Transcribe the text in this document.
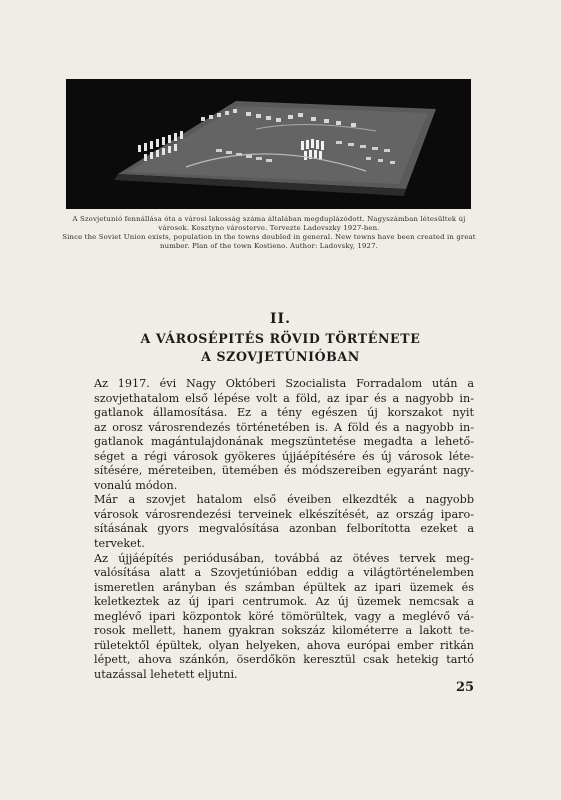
A Szovjetunió fennállása óta a városi lakosság száma általában megduplázódott. Nagyszámban létesültek új városok. Kosztyno városterve. Tervezte Ladovszky 1927-ben.

Since the Soviet Union exists, population in the towns doubled in general. New towns have been created in great number. Plan of the town Kostieno. Author: Ladovsky, 1927.

II.
A VÁROSÉPITÉS RÖVID TÖRTÉNETE
A SZOVJETÚNIÓBAN
Az 1917. évi Nagy Októberi Szocialista Forradalom után a
szovjethatalom első lépése volt a föld, az ipar és a nagyobb in-
gatlanok államosítása. Ez a tény egészen új korszakot nyit
az orosz városrendezés történetében is. A föld és a nagyobb in-
gatlanok magántulajdonának megszüntetése megadta a lehető-
séget a régi városok gyökeres újjáépítésére és új városok léte-
sítésére, méreteiben, ütemében és módszereiben egyaránt nagy-
vonalú módon.
Már a szovjet hatalom első éveiben elkezdték a nagyobb
városok városrendezési terveinek elkészítését, az ország iparo-
sításának gyors megvalósítása azonban felborította ezeket a
terveket.
Az újjáépítés periódusában, továbbá az ötéves tervek meg-
valósítása alatt a Szovjetúnióban eddig a világtörténelemben
ismeretlen arányban és számban épültek az ipari üzemek és
keletkeztek az új ipari centrumok. Az új üzemek nemcsak a
meglévő ipari központok köré tömörültek, vagy a meglévő vá-
rosok mellett, hanem gyakran sokszáz kilométerre a lakott te-
rületektől épültek, olyan helyeken, ahova európai ember ritkán
lépett, ahova szánkón, öserdőkön keresztül csak hetekig tartó
utazással lehetett eljutni.
25
